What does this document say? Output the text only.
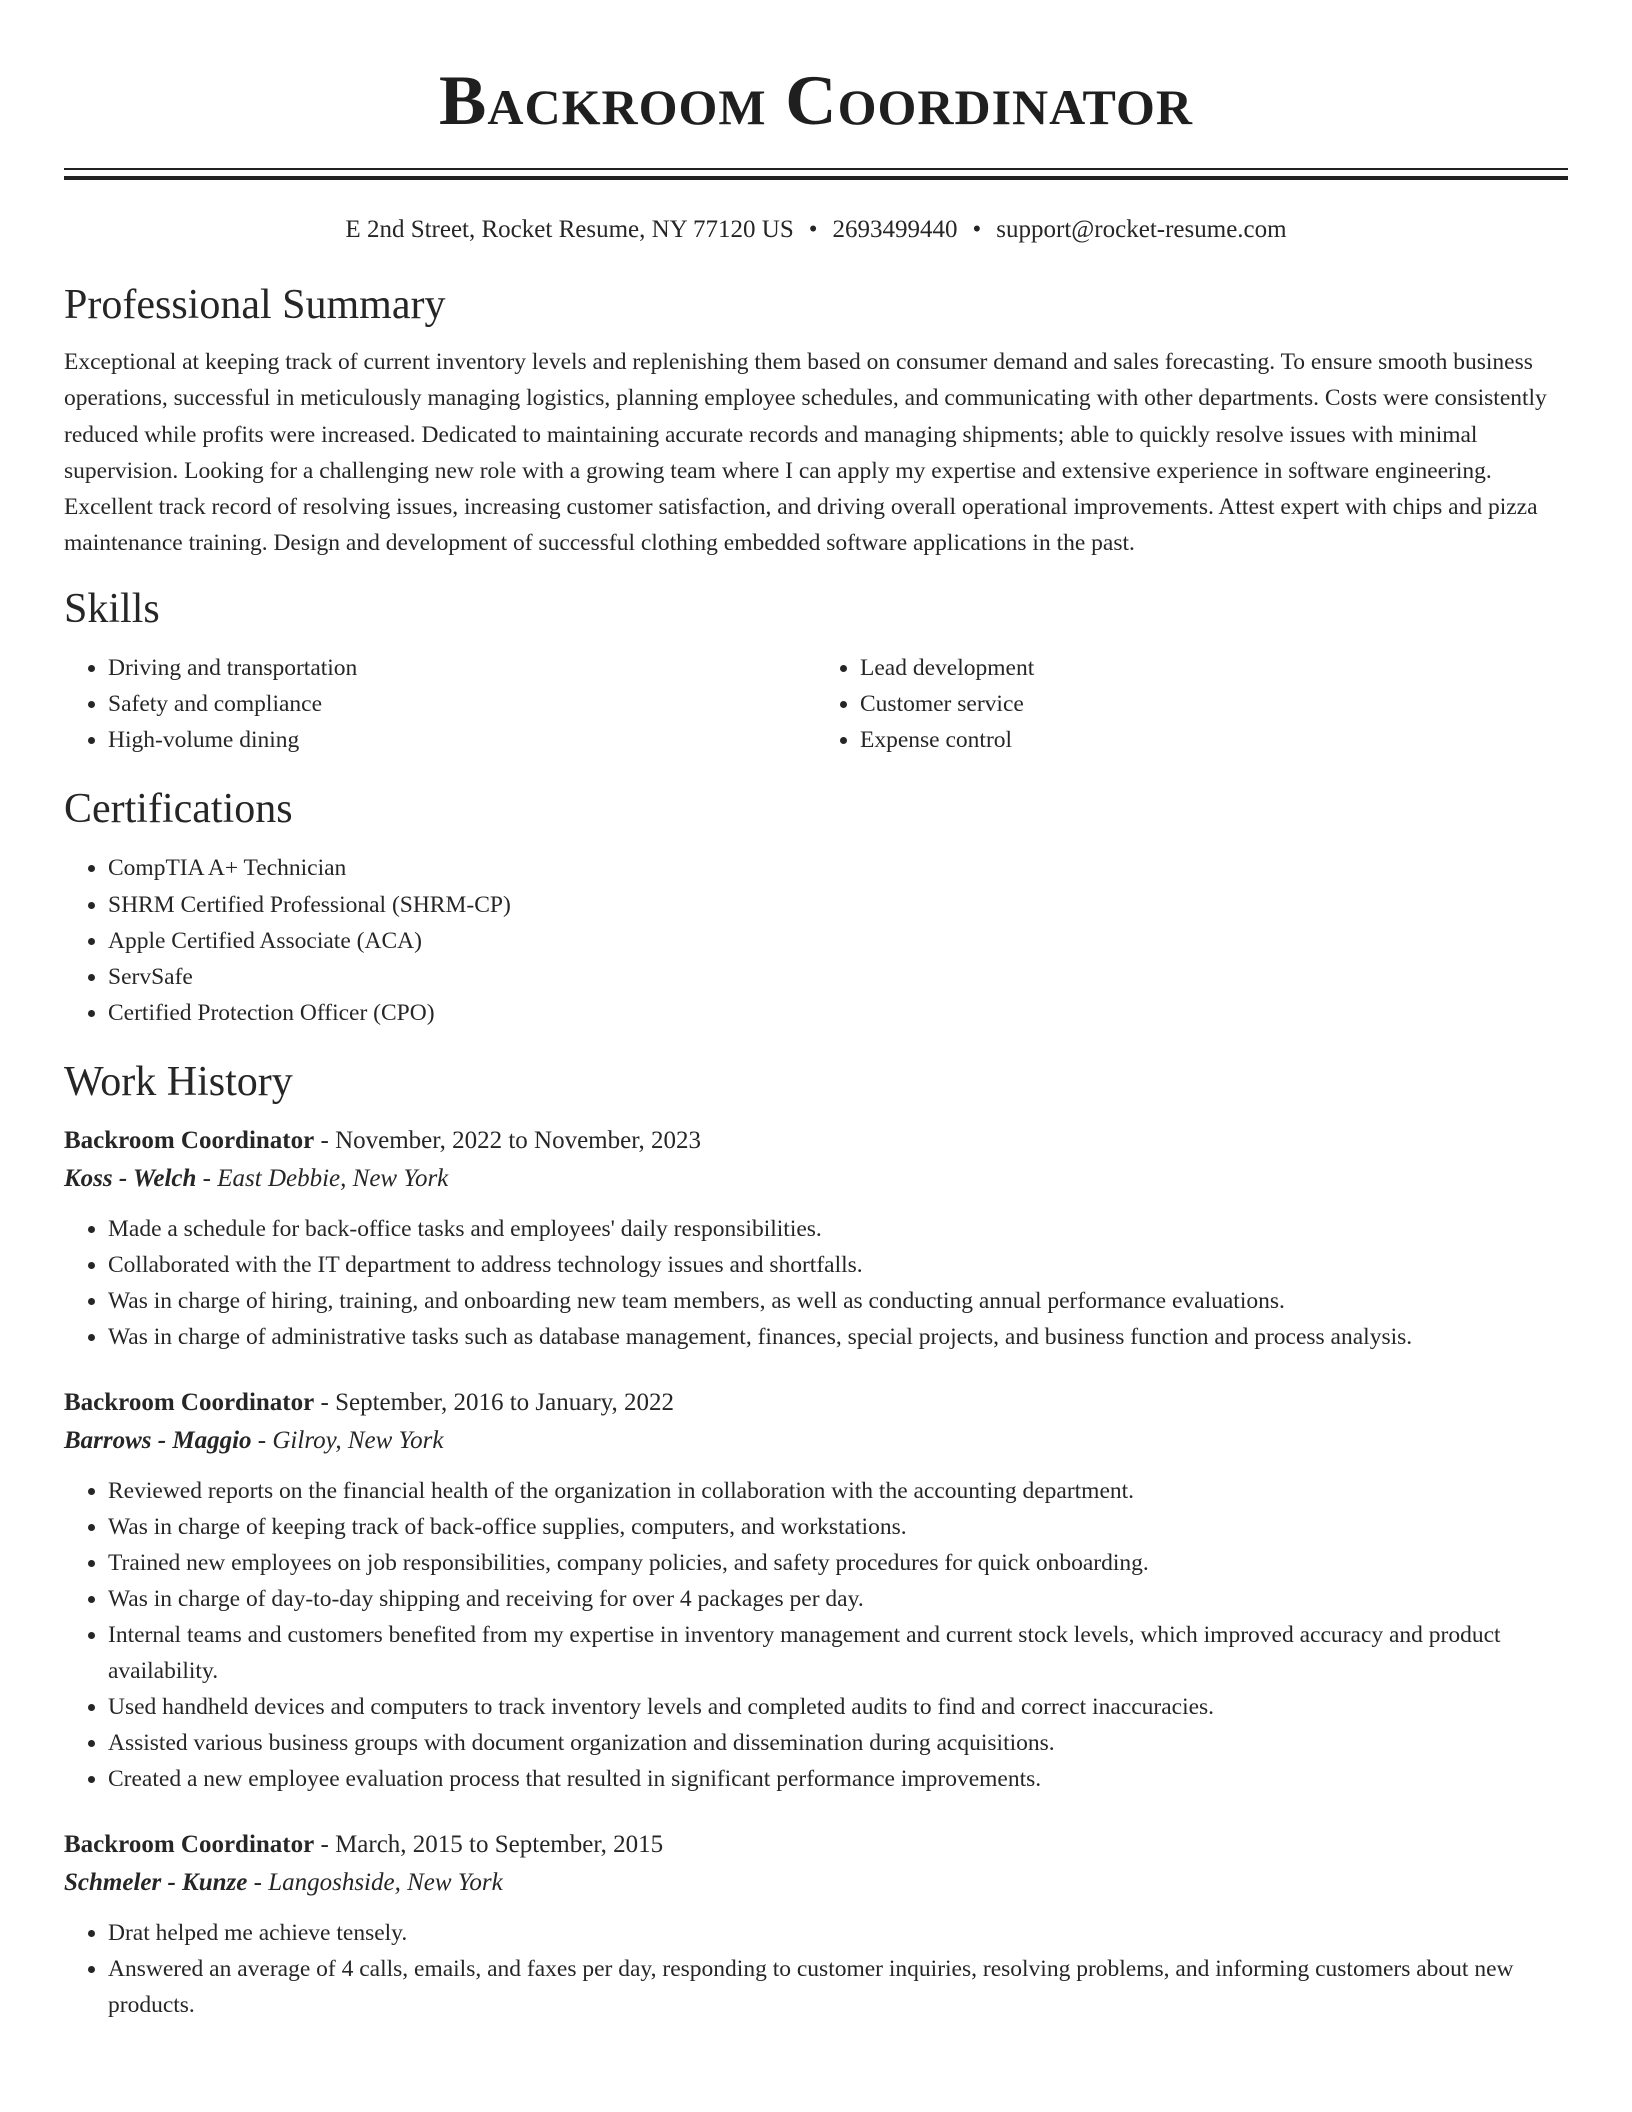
Backroom Coordinator
E 2nd Street, Rocket Resume, NY 77120 US • 2693499440 • support@rocket-resume.com
Professional Summary

Exceptional at keeping track of current inventory levels and replenishing them based on consumer demand and sales forecasting. To ensure smooth business operations, successful in meticulously managing logistics, planning employee schedules, and communicating with other departments. Costs were consistently reduced while profits were increased. Dedicated to maintaining accurate records and managing shipments; able to quickly resolve issues with minimal supervision. Looking for a challenging new role with a growing team where I can apply my expertise and extensive experience in software engineering. Excellent track record of resolving issues, increasing customer satisfaction, and driving overall operational improvements. Attest expert with chips and pizza maintenance training. Design and development of successful clothing embedded software applications in the past.

Skills
• Driving and transportation
• Safety and compliance
• High-volume dining
• Lead development
• Customer service
• Expense control
Certifications
• CompTIA A+ Technician
• SHRM Certified Professional (SHRM-CP)
• Apple Certified Associate (ACA)
• ServSafe
• Certified Protection Officer (CPO)
Work History
Backroom Coordinator - November, 2022 to November, 2023
Koss - Welch - East Debbie, New York
• Made a schedule for back-office tasks and employees' daily responsibilities.
• Collaborated with the IT department to address technology issues and shortfalls.
• Was in charge of hiring, training, and onboarding new team members, as well as conducting annual performance evaluations.
• Was in charge of administrative tasks such as database management, finances, special projects, and business function and process analysis.
Backroom Coordinator - September, 2016 to January, 2022
Barrows - Maggio - Gilroy, New York
• Reviewed reports on the financial health of the organization in collaboration with the accounting department.
• Was in charge of keeping track of back-office supplies, computers, and workstations.
• Trained new employees on job responsibilities, company policies, and safety procedures for quick onboarding.
• Was in charge of day-to-day shipping and receiving for over 4 packages per day.
• Internal teams and customers benefited from my expertise in inventory management and current stock levels, which improved accuracy and product availability.
• Used handheld devices and computers to track inventory levels and completed audits to find and correct inaccuracies.
• Assisted various business groups with document organization and dissemination during acquisitions.
• Created a new employee evaluation process that resulted in significant performance improvements.
Backroom Coordinator - March, 2015 to September, 2015
Schmeler - Kunze - Langoshside, New York
• Drat helped me achieve tensely.
• Answered an average of 4 calls, emails, and faxes per day, responding to customer inquiries, resolving problems, and informing customers about new products.
